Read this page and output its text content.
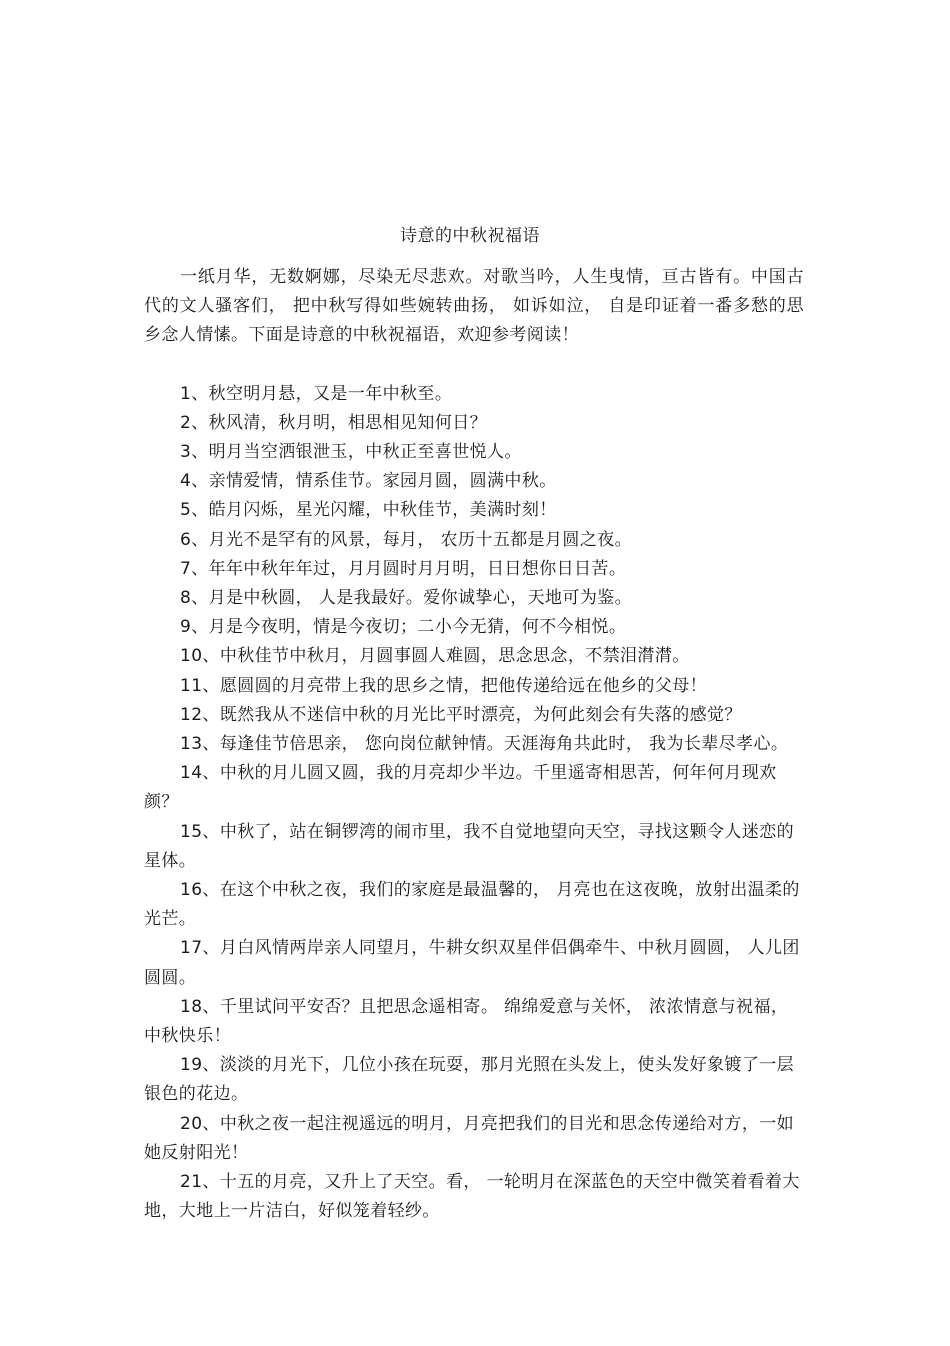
诗意的中秋祝福语

一纸月华，无数婀娜，尽染无尽悲欢。对歌当吟，人生曳情，亘古皆有。中国古代的文人骚客们， 把中秋写得如些婉转曲扬， 如诉如泣， 自是印证着一番多愁的思乡念人情愫。下面是诗意的中秋祝福语，欢迎参考阅读！

1、秋空明月悬，又是一年中秋至。

2、秋风清，秋月明，相思相见知何日？

3、明月当空洒银泄玉，中秋正至喜世悦人。

4、亲情爱情，情系佳节。家园月圆，圆满中秋。

5、皓月闪烁，星光闪耀，中秋佳节，美满时刻！

6、月光不是罕有的风景，每月， 农历十五都是月圆之夜。

7、年年中秋年年过，月月圆时月月明，日日想你日日苦。

8、月是中秋圆， 人是我最好。爱你诚挚心，天地可为鉴。

9、月是今夜明，情是今夜切；二小今无猜，何不今相悦。

10、中秋佳节中秋月，月圆事圆人难圆，思念思念，不禁泪潸潸。

11、愿圆圆的月亮带上我的思乡之情，把他传递给远在他乡的父母！

12、既然我从不迷信中秋的月光比平时漂亮，为何此刻会有失落的感觉？

13、每逢佳节倍思亲， 您向岗位献钟情。天涯海角共此时， 我为长辈尽孝心。

14、中秋的月儿圆又圆，我的月亮却少半边。千里遥寄相思苦，何年何月现欢颜？

15、中秋了，站在铜锣湾的闹市里，我不自觉地望向天空，寻找这颗令人迷恋的星体。

16、在这个中秋之夜，我们的家庭是最温馨的， 月亮也在这夜晚，放射出温柔的光芒。

17、月白风情两岸亲人同望月，牛耕女织双星伴侣偶牵牛、中秋月圆圆， 人儿团圆圆。

18、千里试问平安否？且把思念遥相寄。 绵绵爱意与关怀， 浓浓情意与祝福，中秋快乐！

19、淡淡的月光下，几位小孩在玩耍，那月光照在头发上，使头发好象镀了一层银色的花边。

20、中秋之夜一起注视遥远的明月，月亮把我们的目光和思念传递给对方，一如她反射阳光！

21、十五的月亮，又升上了天空。看， 一轮明月在深蓝色的天空中微笑着看着大地，大地上一片洁白，好似笼着轻纱。
